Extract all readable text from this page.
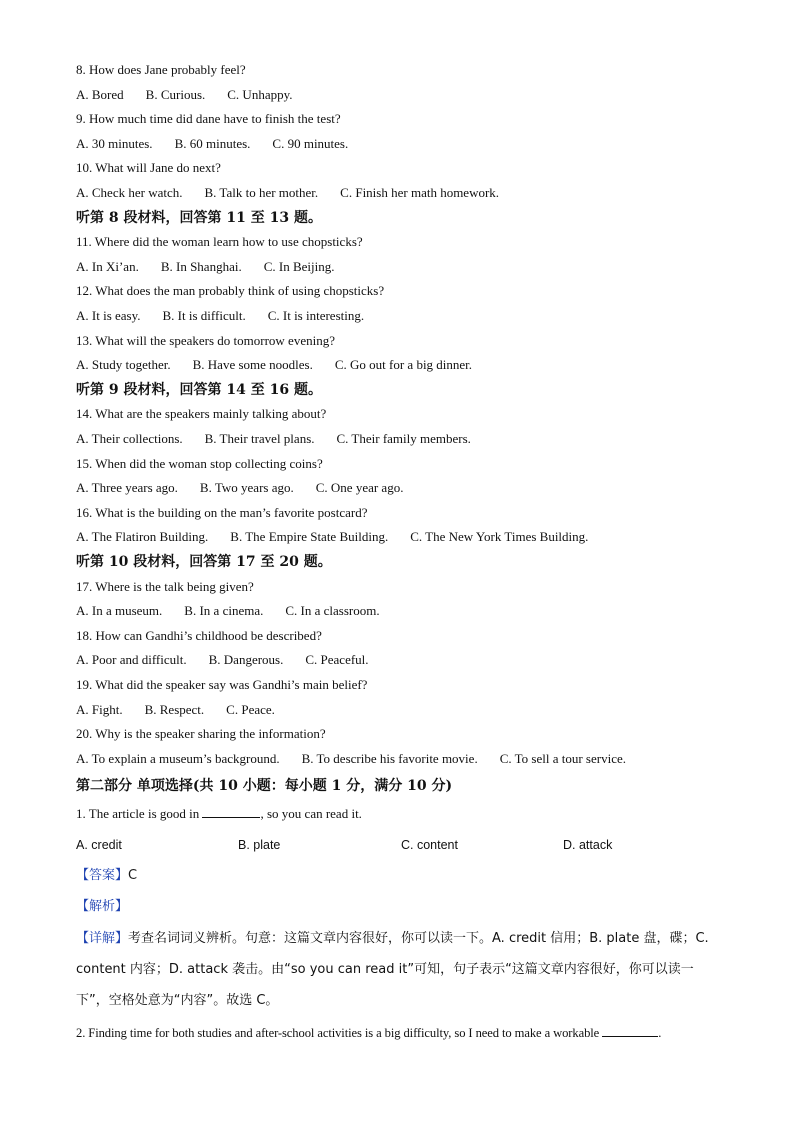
8. How does Jane probably feel?
A. Bored B. Curious. C. Unhappy.
9. How much time did dane have to finish the test?
A. 30 minutes. B. 60 minutes. C. 90 minutes.
10. What will Jane do next?
A. Check her watch. B. Talk to her mother. C. Finish her math homework.
听第 8 段材料，回答第 11 至 13 题。
11. Where did the woman learn how to use chopsticks?
A. In Xi’an. B. In Shanghai. C. In Beijing.
12. What does the man probably think of using chopsticks?
A. It is easy. B. It is difficult. C. It is interesting.
13. What will the speakers do tomorrow evening?
A. Study together. B. Have some noodles. C. Go out for a big dinner.
听第 9 段材料，回答第 14 至 16 题。
14. What are the speakers mainly talking about?
A. Their collections. B. Their travel plans. C. Their family members.
15. When did the woman stop collecting coins?
A. Three years ago. B. Two years ago. C. One year ago.
16. What is the building on the man’s favorite postcard?
A. The Flatiron Building. B. The Empire State Building. C. The New York Times Building.
听第 10 段材料，回答第 17 至 20 题。
17. Where is the talk being given?
A. In a museum. B. In a cinema. C. In a classroom.
18. How can Gandhi’s childhood be described?
A. Poor and difficult. B. Dangerous. C. Peaceful.
19. What did the speaker say was Gandhi’s main belief?
A. Fight. B. Respect. C. Peace.
20. Why is the speaker sharing the information?
A. To explain a museum’s background. B. To describe his favorite movie. C. To sell a tour service.
第二部分 单项选择(共 10 小题：每小题 1 分，满分 10 分)
1. The article is good in	, so you can read it.
A. credit	B. plate	C. content	D. attack
【答案】C
【解析】
【详解】考查名词词义辨析。句意：这篇文章内容很好，你可以读一下。A. credit 信用；B. plate 盘，碟；C. content 内容；D. attack 袭击。由“so you can read it”可知，句子表示“这篇文章内容很好，你可以读一下”，空格处意为“内容”。故选 C。
2. Finding time for both studies and after-school activities is a big difficulty, so I need to make a workable	.
